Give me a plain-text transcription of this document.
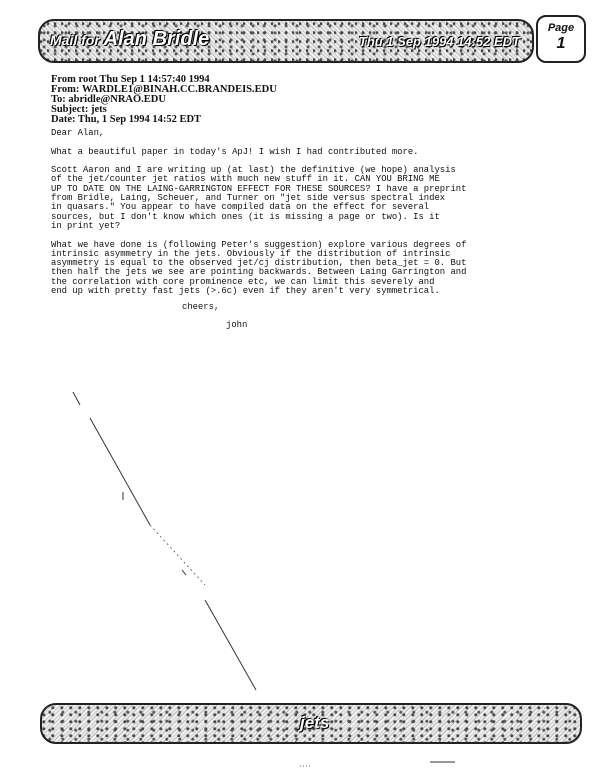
Mail for Alan Bridle	Thu 1 Sep 1994 14:52 EDT
Page
1
From root Thu Sep 1 14:57:40 1994
From: WARDLE1@BINAH.CC.BRANDEIS.EDU
To: abridle@NRAO.EDU
Subject: jets
Date: Thu, 1 Sep 1994 14:52 EDT

Dear Alan,

What a beautiful paper in today's ApJ! I wish I had contributed more.

Scott Aaron and I are writing up (at last) the definitive (we hope) analysis
of the jet/counter jet ratios with much new stuff in it. CAN YOU BRING ME
UP TO DATE ON THE LAING-GARRINGTON EFFECT FOR THESE SOURCES? I have a preprint
from Bridle, Laing, Scheuer, and Turner on "jet side versus spectral index
in quasars." You appear to have compiled data on the effect for several
sources, but I don't know which ones (it is missing a page or two). Is it
in print yet?

What we have done is (following Peter's suggestion) explore various degrees of
intrinsic asymmetry in the jets. Obviously if the distribution of intrinsic
asymmetry is equal to the observed jet/cj distribution, then beta_jet = 0. But
then half the jets we see are pointing backwards. Between Laing Garrington and
the correlation with core prominence etc, we can limit this severely and
end up with pretty fast jets (>.6c) even if they aren't very symmetrical.

cheers,
john
jets
